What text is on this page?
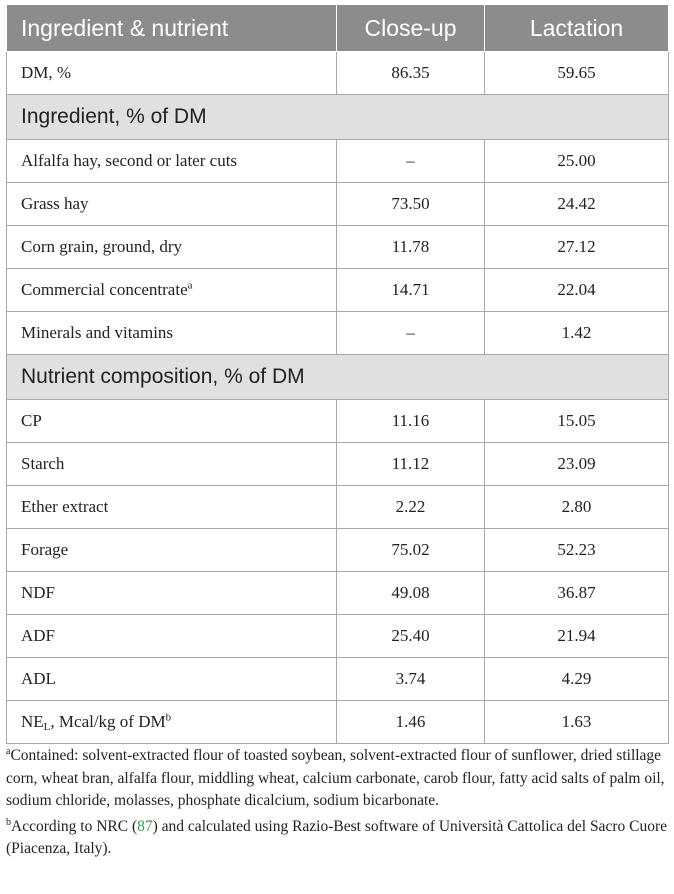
Ingredient & nutrient	Close-up	Lactation
DM, %	86.35	59.65
Ingredient, % of DM		
Alfalfa hay, second or later cuts	–	25.00
Grass hay	73.50	24.42
Corn grain, ground, dry	11.78	27.12
Commercial concentrate$^a$	14.71	22.04
Minerals and vitamins	–	1.42
Nutrient composition, % of DM		
CP	11.16	15.05
Starch	11.12	23.09
Ether extract	2.22	2.80
Forage	75.02	52.23
NDF	49.08	36.87
ADF	25.40	21.94
ADL	3.74	4.29
$NE_L$, Mcal/kg of $DM^b$	1.46	1.63

$^a$Contained: solvent-extracted flour of toasted soybean, solvent-extracted flour of sunflower, dried stillage corn, wheat bran, alfalfa flour, middling wheat, calcium carbonate, carob flour, fatty acid salts of palm oil, sodium chloride, molasses, phosphate dicalcium, sodium bicarbonate.

$^b$According to NRC (87) and calculated using Razio-Best software of Università Cattolica del Sacro Cuore (Piacenza, Italy).
